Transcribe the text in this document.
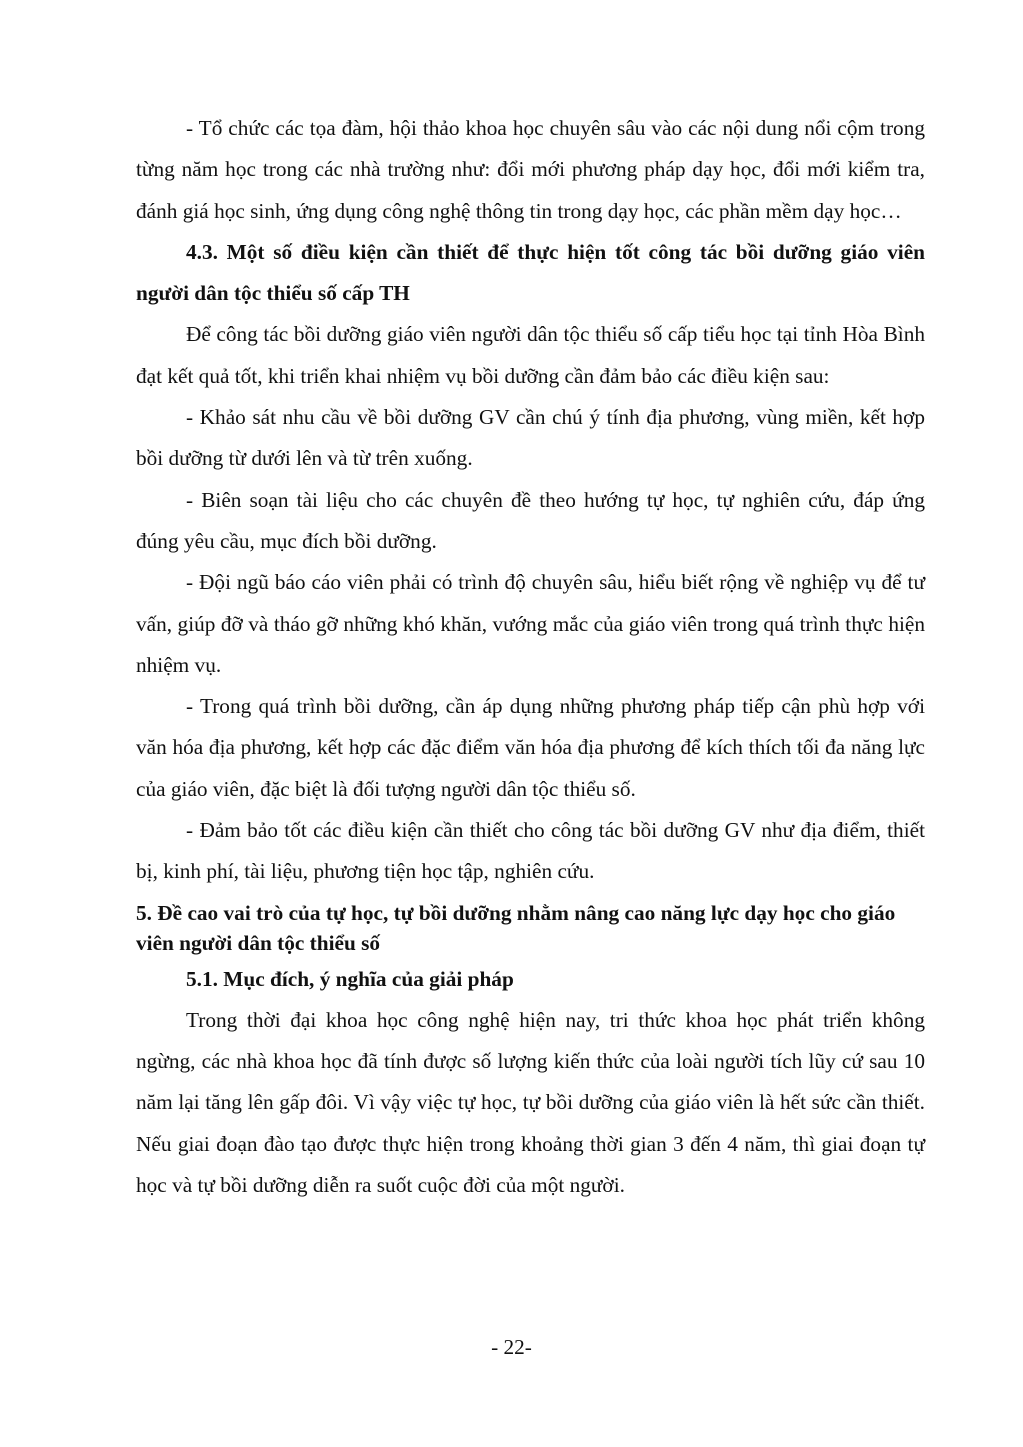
- Tổ chức các tọa đàm, hội thảo khoa học chuyên sâu vào các nội dung nổi cộm trong từng năm học trong các nhà trường như: đổi mới phương pháp dạy học, đổi mới kiểm tra, đánh giá học sinh, ứng dụng công nghệ thông tin trong dạy học, các phần mềm dạy học…

4.3. Một số điều kiện cần thiết để thực hiện tốt công tác bồi dưỡng giáo viên người dân tộc thiểu số cấp TH

Để công tác bồi dưỡng giáo viên người dân tộc thiểu số cấp tiểu học tại tỉnh Hòa Bình đạt kết quả tốt, khi triển khai nhiệm vụ bồi dưỡng cần đảm bảo các điều kiện sau:

- Khảo sát nhu cầu về bồi dưỡng GV cần chú ý tính địa phương, vùng miền, kết hợp bồi dưỡng từ dưới lên và từ trên xuống.

- Biên soạn tài liệu cho các chuyên đề theo hướng tự học, tự nghiên cứu, đáp ứng đúng yêu cầu, mục đích bồi dưỡng.

- Đội ngũ báo cáo viên phải có trình độ chuyên sâu, hiểu biết rộng về nghiệp vụ để tư vấn, giúp đỡ và tháo gỡ những khó khăn, vướng mắc của giáo viên trong quá trình thực hiện nhiệm vụ.

- Trong quá trình bồi dưỡng, cần áp dụng những phương pháp tiếp cận phù hợp với văn hóa địa phương, kết hợp các đặc điểm văn hóa địa phương để kích thích tối đa năng lực của giáo viên, đặc biệt là đối tượng người dân tộc thiểu số.

- Đảm bảo tốt các điều kiện cần thiết cho công tác bồi dưỡng GV như địa điểm, thiết bị, kinh phí, tài liệu, phương tiện học tập, nghiên cứu.

5. Đề cao vai trò của tự học, tự bồi dưỡng nhằm nâng cao năng lực dạy học cho giáo viên người dân tộc thiểu số

5.1. Mục đích, ý nghĩa của giải pháp

Trong thời đại khoa học công nghệ hiện nay, tri thức khoa học phát triển không ngừng, các nhà khoa học đã tính được số lượng kiến thức của loài người tích lũy cứ sau 10 năm lại tăng lên gấp đôi. Vì vậy việc tự học, tự bồi dưỡng của giáo viên là hết sức cần thiết. Nếu giai đoạn đào tạo được thực hiện trong khoảng thời gian 3 đến 4 năm, thì giai đoạn tự học và tự bồi dưỡng diễn ra suốt cuộc đời của một người.

- 22-
